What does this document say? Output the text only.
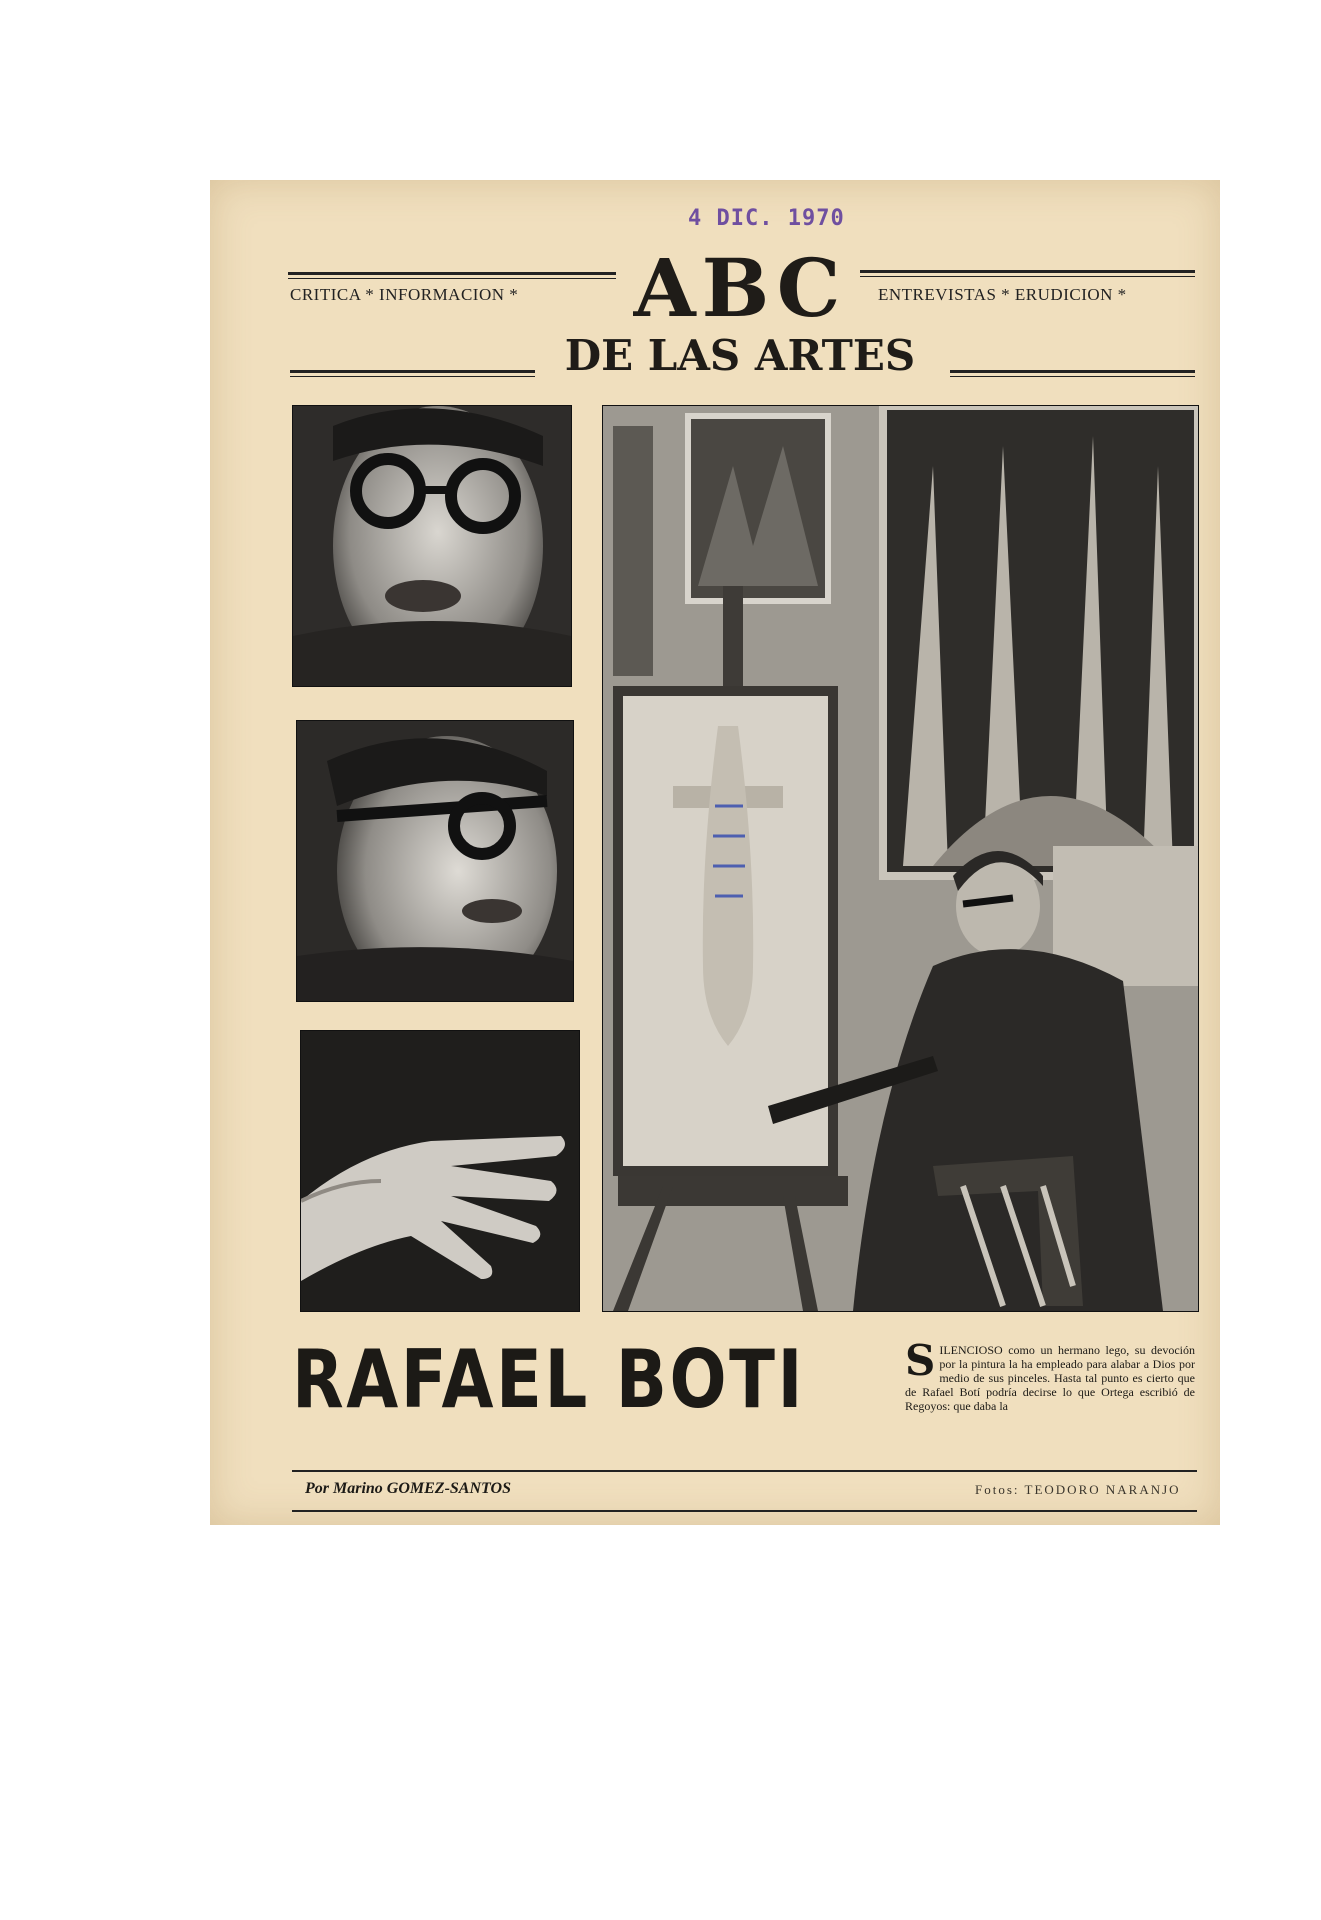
4 DIC. 1970
CRITICA * INFORMACION * ABC	ENTREVISTAS * ERUDICION *
DE LAS ARTES
RAFAEL BOTI S ILENCIOSO como un hermano lego, su devoción por la pintura la ha empleado para alabar a Dios por medio de sus pinceles. Hasta tal punto es cierto que de Rafael Botí podría decirse lo que Ortega escribió de Regoyos: que daba la
Por Marino GOMEZ-SANTOS	Fotos: TEODORO NARANJO
